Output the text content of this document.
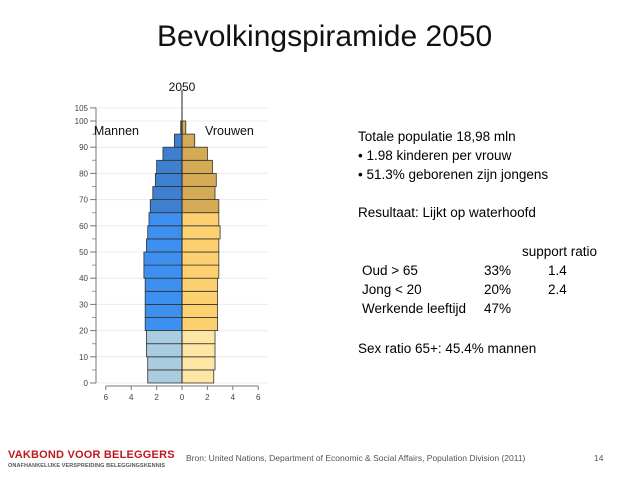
Bevolkingspiramide 2050
0
10
20
30
40
50
60
70
80
90
100
105
6	4	2	0	2	4	6
2050
Mannen	Vrouwen	Totale populatie 18,98 mln
• 1.98 kinderen per vrouw
• 51.3% geborenen zijn jongens
Resultaat: Lijkt op waterhoofd
support ratio
Oud > 65	33%	1.4
Jong < 20	20%	2.4
Werkende leeftijd 47%
Sex ratio 65+: 45.4% mannen
VAKBOND VOOR BELEGGERS
ONAFHANKELIJKE VERSPREIDING BELEGGINGSKENNIS
Bron: United Nations, Department of Economic & Social Affairs, Population Division (2011)	14
